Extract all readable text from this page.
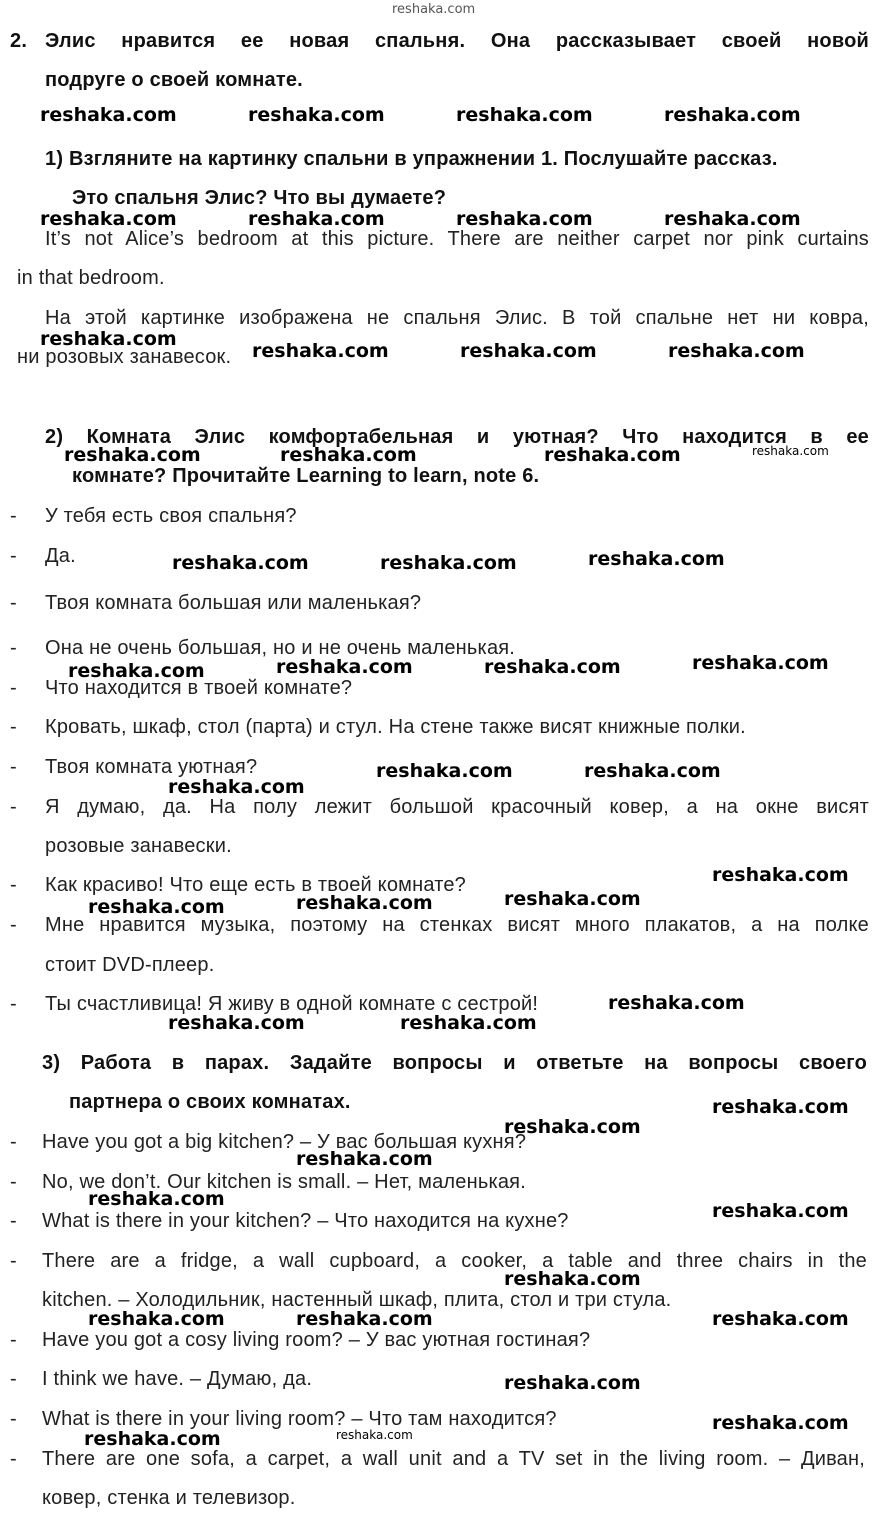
reshaka.com
2. Элис нравится ее новая спальня. Она рассказывает своей новой
подруге о своей комнате.
1) Взгляните на картинку спальни в упражнении 1. Послушайте рассказ.
Это спальня Элис? Что вы думаете?
It’s not Alice’s bedroom at this picture. There are neither carpet nor pink curtains
in that bedroom.
На этой картинке изображена не спальня Элис. В той спальне нет ни ковра,
ни розовых занавесок.
2) Комната Элис комфортабельная и уютная? Что находится в ее
комнате? Прочитайте Learning to learn, note 6.
- У тебя есть своя спальня?
- Да.
- Твоя комната большая или маленькая?
- Она не очень большая, но и не очень маленькая.
- Что находится в твоей комнате?
- Кровать, шкаф, стол (парта) и стул. На стене также висят книжные полки.
- Твоя комната уютная?
- Я думаю, да. На полу лежит большой красочный ковер, а на окне висят
розовые занавески.
- Как красиво! Что еще есть в твоей комнате?
- Мне нравится музыка, поэтому на стенках висят много плакатов, а на полке
стоит DVD-плеер.
- Ты счастливица! Я живу в одной комнате с сестрой!
3) Работа в парах. Задайте вопросы и ответьте на вопросы своего
партнера о своих комнатах.
- Have you got a big kitchen? – У вас большая кухня?
- No, we don’t. Our kitchen is small. – Нет, маленькая.
- What is there in your kitchen? – Что находится на кухне?
- There are a fridge, a wall cupboard, a cooker, a table and three chairs in the
kitchen. – Холодильник, настенный шкаф, плита, стол и три стула.
- Have you got a cosy living room? – У вас уютная гостиная?
- I think we have. – Думаю, да.
- What is there in your living room? – Что там находится?
- There are one sofa, a carpet, a wall unit and a TV set in the living room. – Диван,
ковер, стенка и телевизор.
reshaka.com	reshaka.com	reshaka.com	reshaka.com
reshaka.com	reshaka.com	reshaka.com	reshaka.com
reshaka.com
reshaka.com	reshaka.com	reshaka.com
reshaka.com	reshaka.com	reshaka.com	reshaka.com
reshaka.com	reshaka.com	reshaka.com
reshaka.com	reshaka.com	reshaka.com	reshaka.com
reshaka.com
reshaka.com	reshaka.com
reshaka.com
reshaka.com	reshaka.com	reshaka.com
reshaka.com
reshaka.com	reshaka.com
reshaka.com
reshaka.com
reshaka.com
reshaka.com
reshaka.com
reshaka.com
reshaka.com	reshaka.com	reshaka.com
reshaka.com
reshaka.com
reshaka.com	reshaka.com
